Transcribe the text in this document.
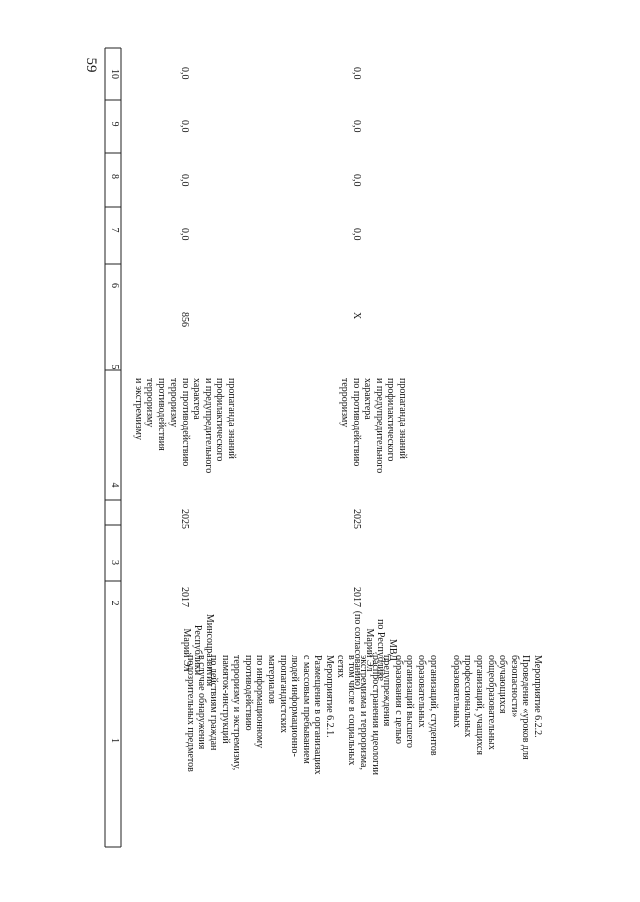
59
1
2
3
4
5
6
7
8
9
10
противодействия
терроризму
и экстремизму
Мероприятие 6.2.1.
Размещение в организациях
с массовым пребыванием
людей информационно-
пропагандистских
материалов
по информационному
противодействию
терроризму и экстремизму,
памяток-инструкций
по действиям граждан
в случае обнаружения
подозрительных предметов
Минсоцразвития
Республики
Марий Эл
2017
2025
пропаганда знаний
профилактического
и предупредительного
характера
по противодействию
терроризму
856
0,0
0,0
0,0
0,0
Мероприятие 6.2.2.
Проведение «уроков для
безопасности»
обучающихся
общеобразовательных
организаций, учащихся
профессиональных
образовательных

организаций, студентов
образовательных
организаций высшего
образования с целью
предупреждения
распространения идеологии
экстремизма и терроризма,
в том числе в социальных
сетях
МВД
по Республике
Марий Эл
(по согласованию)
2017
2025
пропаганда знаний
профилактического
и предупредительного
характера
по противодействию
терроризму
Х
0,0
0,0
0,0
0,0
